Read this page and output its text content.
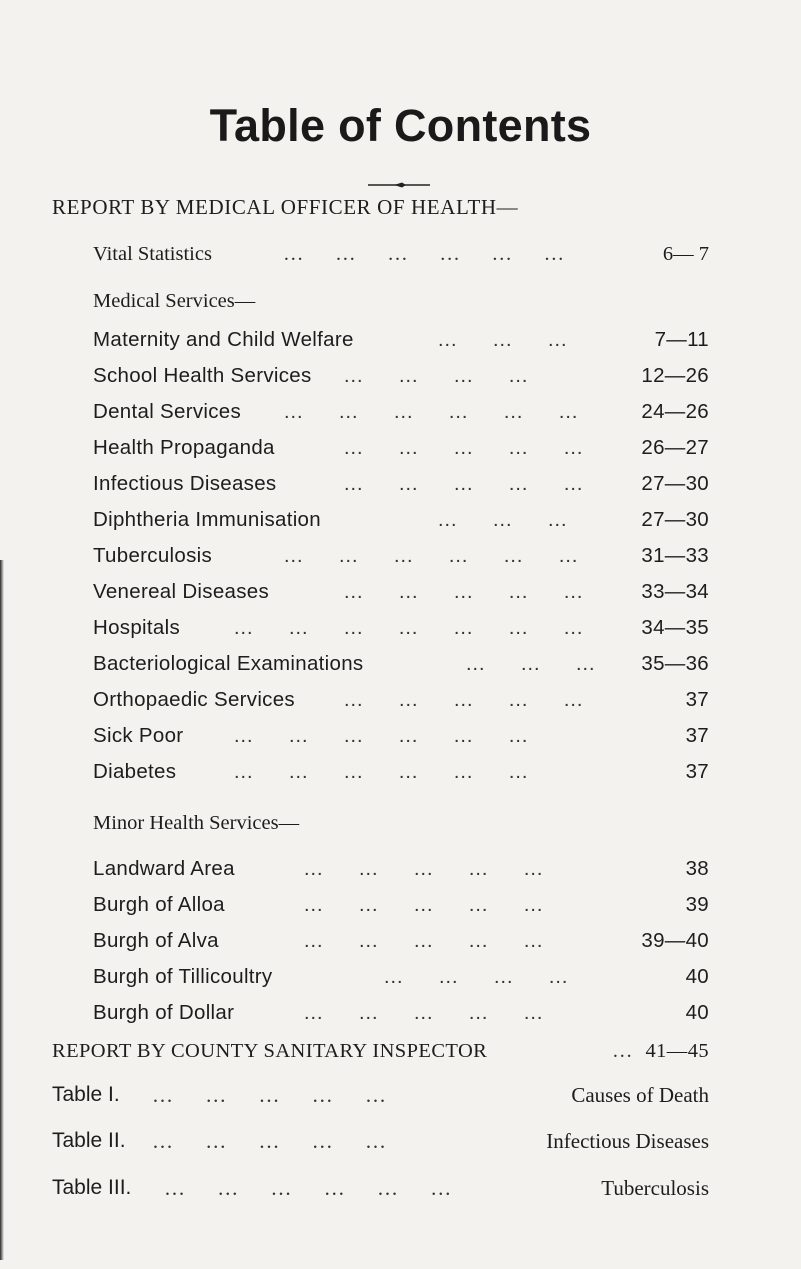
Table of Contents
REPORT BY MEDICAL OFFICER OF HEALTH—
Vital Statistics	…     …     …     …     …     …	6— 7
Medical Services—
Maternity and Child Welfare	…     …     …	7—11
School Health Services …     …     …     …	12—26
Dental Services …     …     …     …     …     …	24—26
Health Propaganda	…     …     …     …     …	26—27
Infectious Diseases	…     …     …     …     …	27—30
Diphtheria Immunisation	…     …     …	27—30
Tuberculosis	…     …     …     …     …     …	31—33
Venereal Diseases	…     …     …     …     …	33—34
Hospitals	…     …     …     …     …     …     …	34—35
Bacteriological Examinations	…     …     … 35—36
Orthopaedic Services …     …     …     …     …	37
Sick Poor …     …     …     …     …     …	37
Diabetes	…     …     …     …     …     …	37
Minor Health Services—
Landward Area	…     …     …     …     …	38
Burgh of Alloa	…     …     …     …     …	39
Burgh of Alva	…     …     …     …     …	39—40
Burgh of Tillicoultry	…     …     …     …	40
Burgh of Dollar	…     …     …     …     …	40
REPORT BY COUNTY SANITARY INSPECTOR	… 41—45
Table I. …     …     …     …     …	Causes of Death
Table II. …     …     …     …     …	Infectious Diseases
Table III. …     …     …     …     …     …	Tuberculosis
